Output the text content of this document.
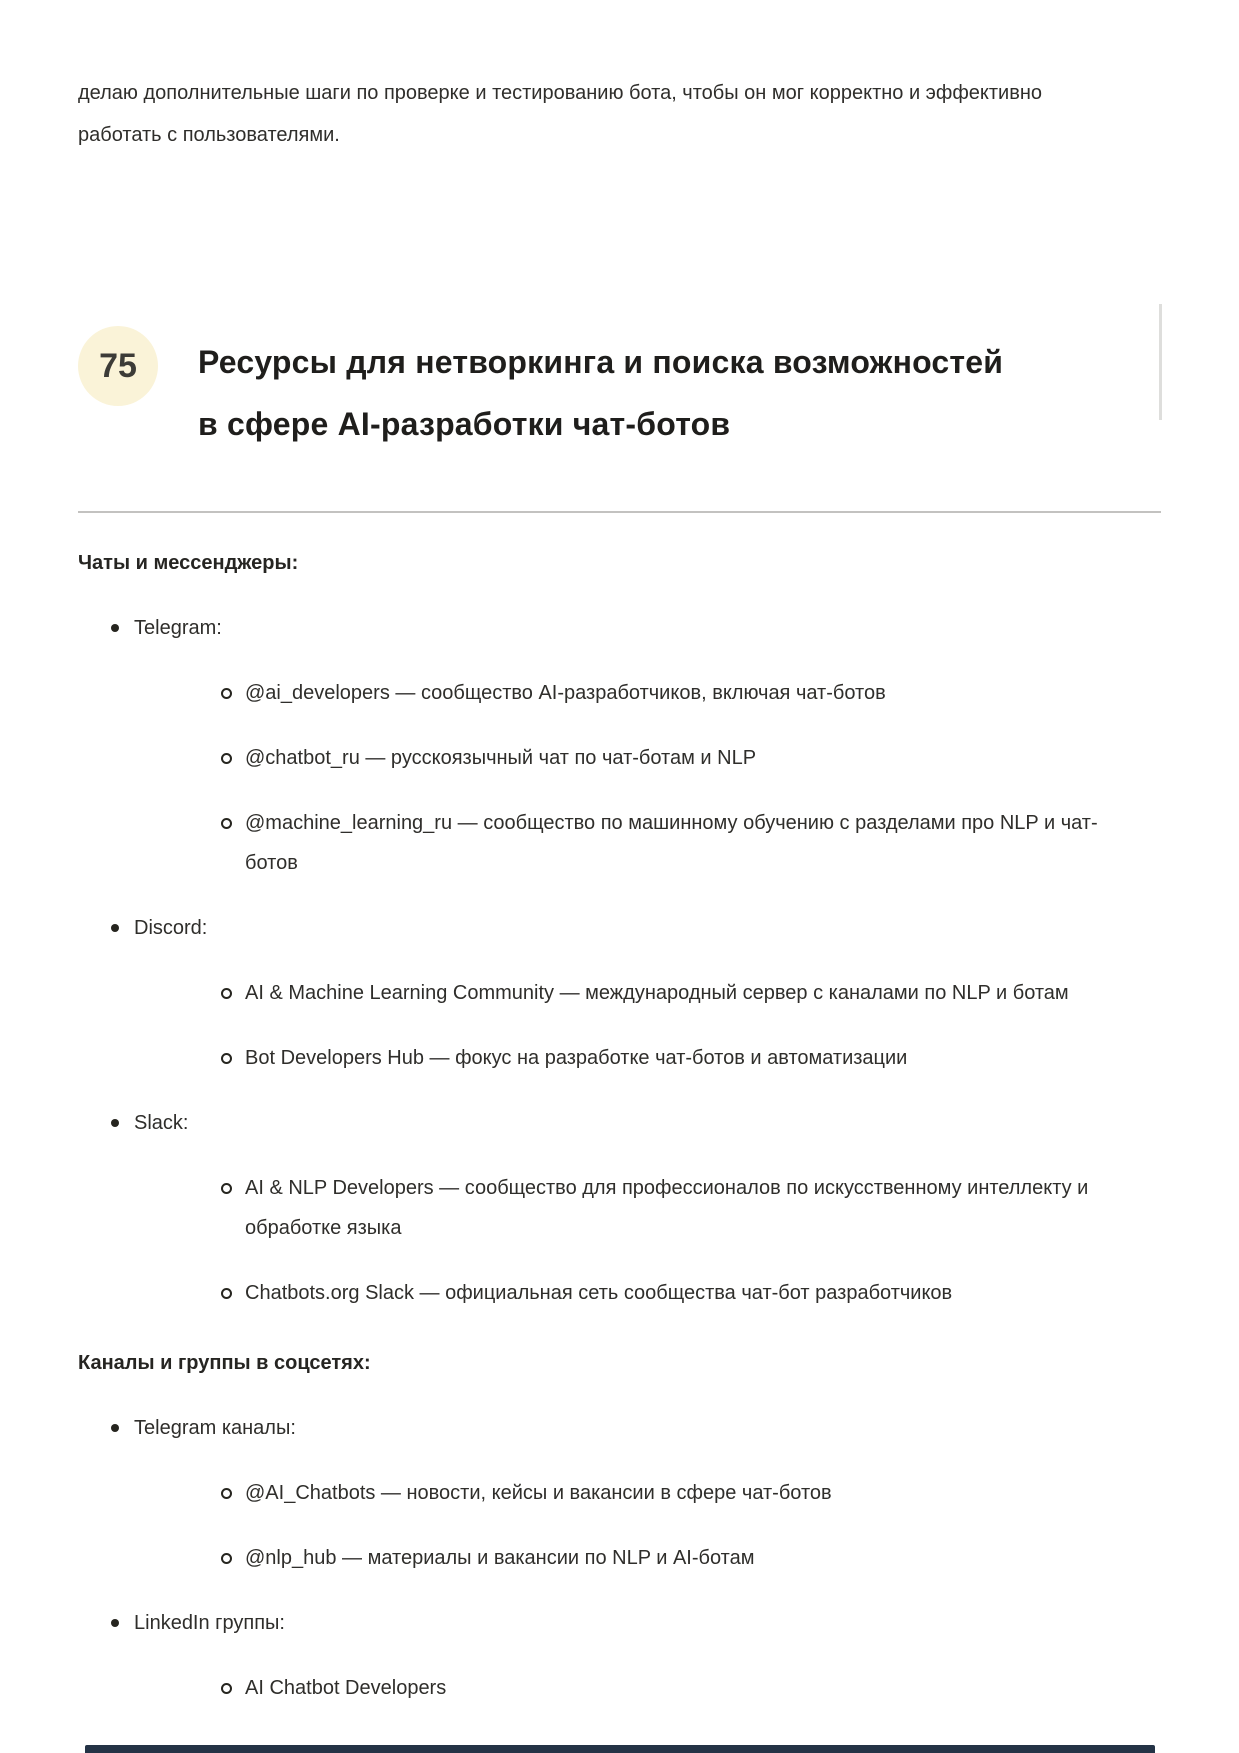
делаю дополнительные шаги по проверке и тестированию бота, чтобы он мог корректно и эффективно работать с пользователями.

75 Ресурсы для нетворкинга и поиска возможностей
в сфере AI-разработки чат-ботов

Чаты и мессенджеры:

Telegram:
@ai_developers — сообщество AI-разработчиков, включая чат-ботов
@chatbot_ru — русскоязычный чат по чат-ботам и NLP
@machine_learning_ru — сообщество по машинному обучению с разделами про NLP и чат-ботов
Discord:
AI & Machine Learning Community — международный сервер с каналами по NLP и ботам
Bot Developers Hub — фокус на разработке чат-ботов и автоматизации
Slack:
AI & NLP Developers — сообщество для профессионалов по искусственному интеллекту и обработке языка
Chatbots.org Slack — официальная сеть сообщества чат-бот разработчиков

Каналы и группы в соцсетях:

Telegram каналы:
@AI_Chatbots — новости, кейсы и вакансии в сфере чат-ботов
@nlp_hub — материалы и вакансии по NLP и AI-ботам
LinkedIn группы:
AI Chatbot Developers
